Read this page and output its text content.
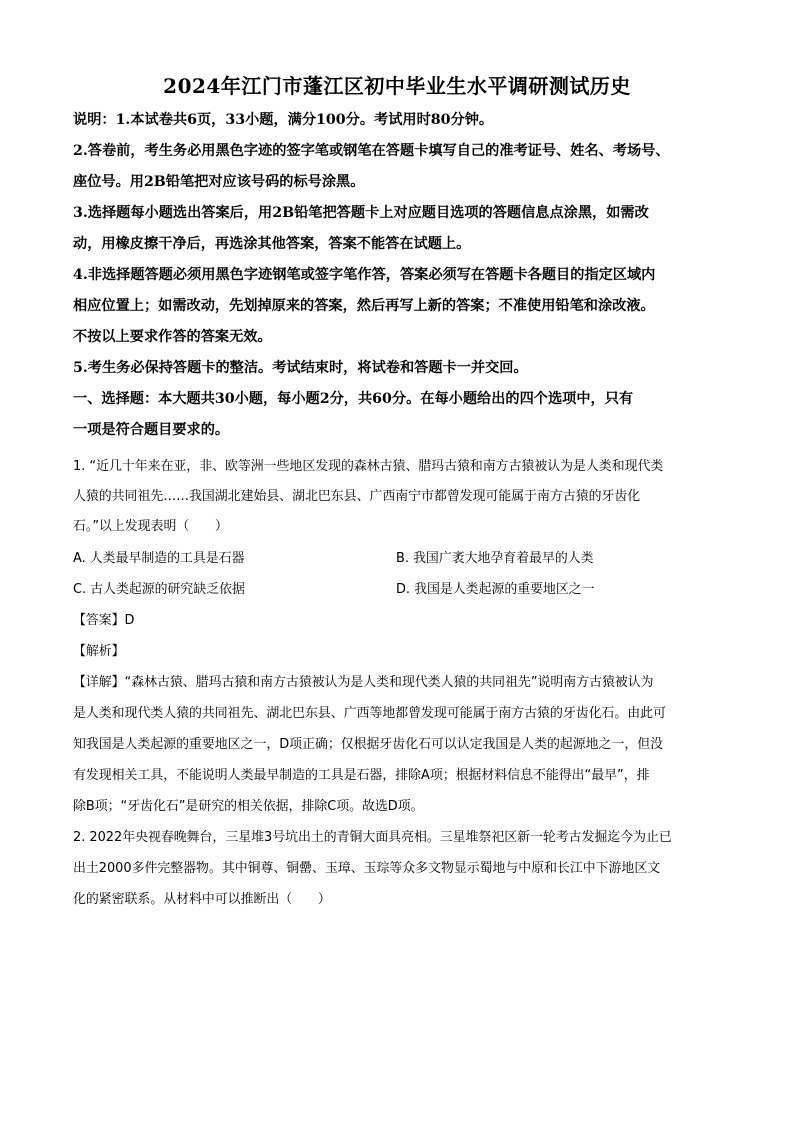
2024年江门市蓬江区初中毕业生水平调研测试历史
说明：1.本试卷共6页，33小题，满分100分。考试用时80分钟。
2.答卷前，考生务必用黑色字迹的签字笔或钢笔在答题卡填写自己的准考证号、姓名、考场号、
座位号。用2B铅笔把对应该号码的标号涂黑。
3.选择题每小题选出答案后，用2B铅笔把答题卡上对应题目选项的答题信息点涂黑，如需改
动，用橡皮擦干净后，再选涂其他答案，答案不能答在试题上。
4.非选择题答题必须用黑色字迹钢笔或签字笔作答，答案必须写在答题卡各题目的指定区域内
相应位置上；如需改动，先划掉原来的答案，然后再写上新的答案；不准使用铅笔和涂改液。
不按以上要求作答的答案无效。
5.考生务必保持答题卡的整洁。考试结束时，将试卷和答题卡一并交回。
一、选择题：本大题共30小题，每小题2分，共60分。在每小题给出的四个选项中，只有
一项是符合题目要求的。
1. “近几十年来在亚，非、欧等洲一些地区发现的森林古猿、腊玛古猿和南方古猿被认为是人类和现代类
人猿的共同祖先……我国湖北建始县、湖北巴东县、广西南宁市都曾发现可能属于南方古猿的牙齿化
石。”以上发现表明（　　）
A. 人类最早制造的工具是石器	B. 我国广袤大地孕育着最早的人类
C. 古人类起源的研究缺乏依据	D. 我国是人类起源的重要地区之一
【答案】D
【解析】
【详解】“森林古猿、腊玛古猿和南方古猿被认为是人类和现代类人猿的共同祖先”说明南方古猿被认为
是人类和现代类人猿的共同祖先、湖北巴东县、广西等地都曾发现可能属于南方古猿的牙齿化石。由此可
知我国是人类起源的重要地区之一，D项正确；仅根据牙齿化石可以认定我国是人类的起源地之一，但没
有发现相关工具，不能说明人类最早制造的工具是石器，排除A项；根据材料信息不能得出“最早”，排
除B项；“牙齿化石”是研究的相关依据，排除C项。故选D项。
2. 2022年央视春晚舞台，三星堆3号坑出土的青铜大面具亮相。三星堆祭祀区新一轮考古发掘迄今为止已
出土2000多件完整器物。其中铜尊、铜罍、玉璋、玉琮等众多文物显示蜀地与中原和长江中下游地区文
化的紧密联系。从材料中可以推断出（　　）
